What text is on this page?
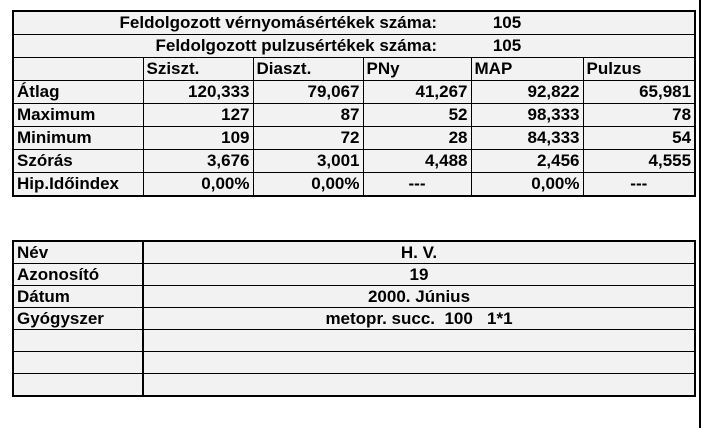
Feldolgozott vérnyomásértékek száma: 105					
Feldolgozott pulzusértékek száma: 105					
	Sziszt.	Diaszt.	PNy	MAP	Pulzus
Átlag	120,333	79,067	41,267	92,822	65,981
Maximum	127	87	52	98,333	78
Minimum	109	72	28	84,333	54
Szórás	3,676	3,001	4,488	2,456	4,555
Hip.Időindex	0,00%	0,00%	---	0,00%	---
Név	H. V.
Azonosító	19
Dátum	2000. Június
Gyógyszer	metopr. succ.  100   1*1
